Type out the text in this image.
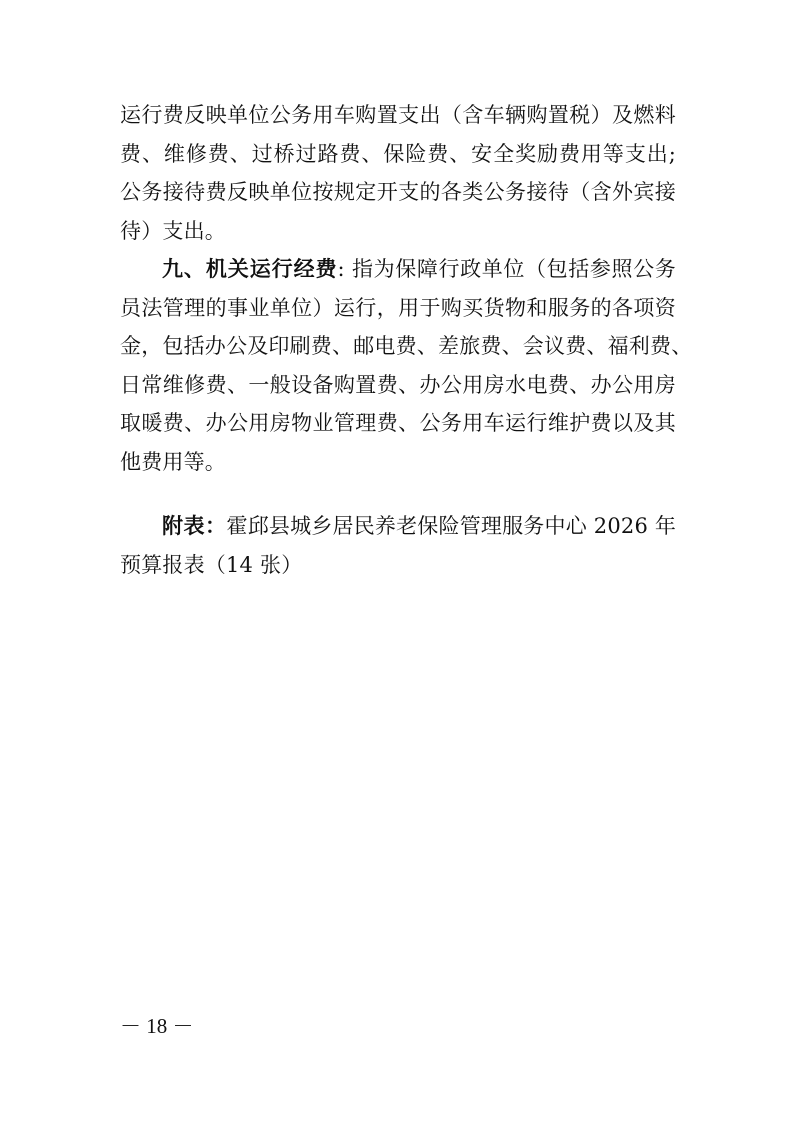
运行费反映单位公务用车购置支出（含车辆购置税）及燃料
费、维修费、过桥过路费、保险费、安全奖励费用等支出;
公务接待费反映单位按规定开支的各类公务接待（含外宾接
待）支出。
九、机关运行经费: 指为保障行政单位（包括参照公务
员法管理的事业单位）运行，用于购买货物和服务的各项资
金，包括办公及印刷费、邮电费、差旅费、会议费、福利费、
日常维修费、一般设备购置费、办公用房水电费、办公用房
取暖费、办公用房物业管理费、公务用车运行维护费以及其
他费用等。
附表：霍邱县城乡居民养老保险管理服务中心 2026 年
预算报表（14 张）
－ 18 －
